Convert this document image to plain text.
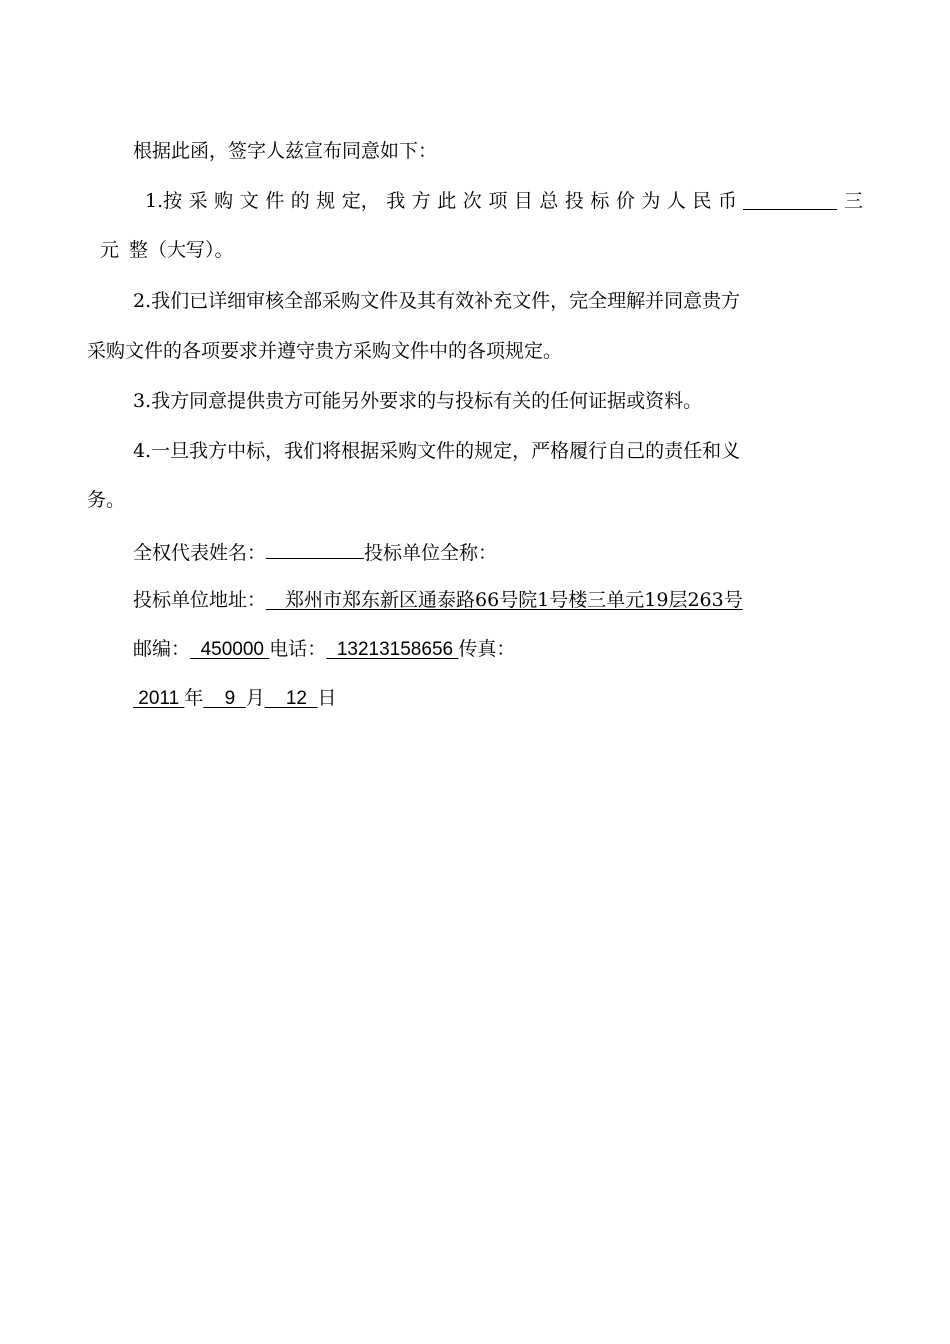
根据此函，签字人兹宣布同意如下：
1.按 采 购 文 件 的 规 定， 我 方 此 次 项 目 总 投 标 价 为 人 民 币	三
元 整（大写）。
2.我们已详细审核全部采购文件及其有效补充文件，完全理解并同意贵方
采购文件的各项要求并遵守贵方采购文件中的各项规定。
3.我方同意提供贵方可能另外要求的与投标有关的任何证据或资料。
4.一旦我方中标，我们将根据采购文件的规定，严格履行自己的责任和义
务。
全权代表姓名：	投标单位全称：
投标单位地址：  郑州市郑东新区通泰路66号院1号楼三单元19层263号
邮编： 450000 电话： 13213158656 传真：
2011 年 9 月 12 日
